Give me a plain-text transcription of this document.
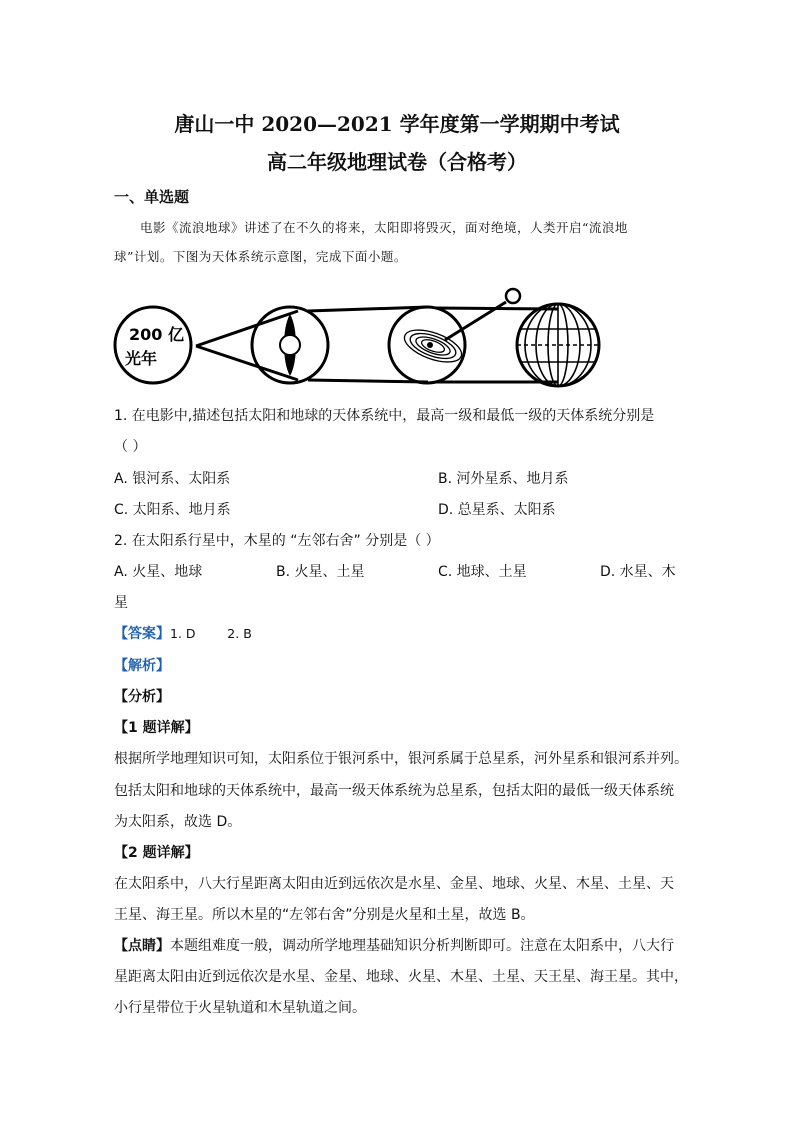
唐山一中 2020—2021 学年度第一学期期中考试
高二年级地理试卷（合格考）
一、单选题
电影《流浪地球》讲述了在不久的将来，太阳即将毁灭，面对绝境，人类开启“流浪地
球”计划。下图为天体系统示意图，完成下面小题。
200 亿
光年
1. 在电影中,描述包括太阳和地球的天体系统中，最高一级和最低一级的天体系统分别是
（ ）
A. 银河系、太阳系	B. 河外星系、地月系
C. 太阳系、地月系	D. 总星系、太阳系
2. 在太阳系行星中，木星的 “左邻右舍” 分别是（ ）
A. 火星、地球	B. 火星、土星	C. 地球、土星	D. 水星、木
星
【答案】1. D        2. B
【解析】
【分析】
【1 题详解】
根据所学地理知识可知，太阳系位于银河系中，银河系属于总星系，河外星系和银河系并列。
包括太阳和地球的天体系统中，最高一级天体系统为总星系，包括太阳的最低一级天体系统
为太阳系，故选 D。
【2 题详解】
在太阳系中，八大行星距离太阳由近到远依次是水星、金星、地球、火星、木星、土星、天
王星、海王星。所以木星的“左邻右舍”分别是火星和土星，故选 B。
【点睛】本题组难度一般，调动所学地理基础知识分析判断即可。注意在太阳系中，八大行
星距离太阳由近到远依次是水星、金星、地球、火星、木星、土星、天王星、海王星。其中，
小行星带位于火星轨道和木星轨道之间。
